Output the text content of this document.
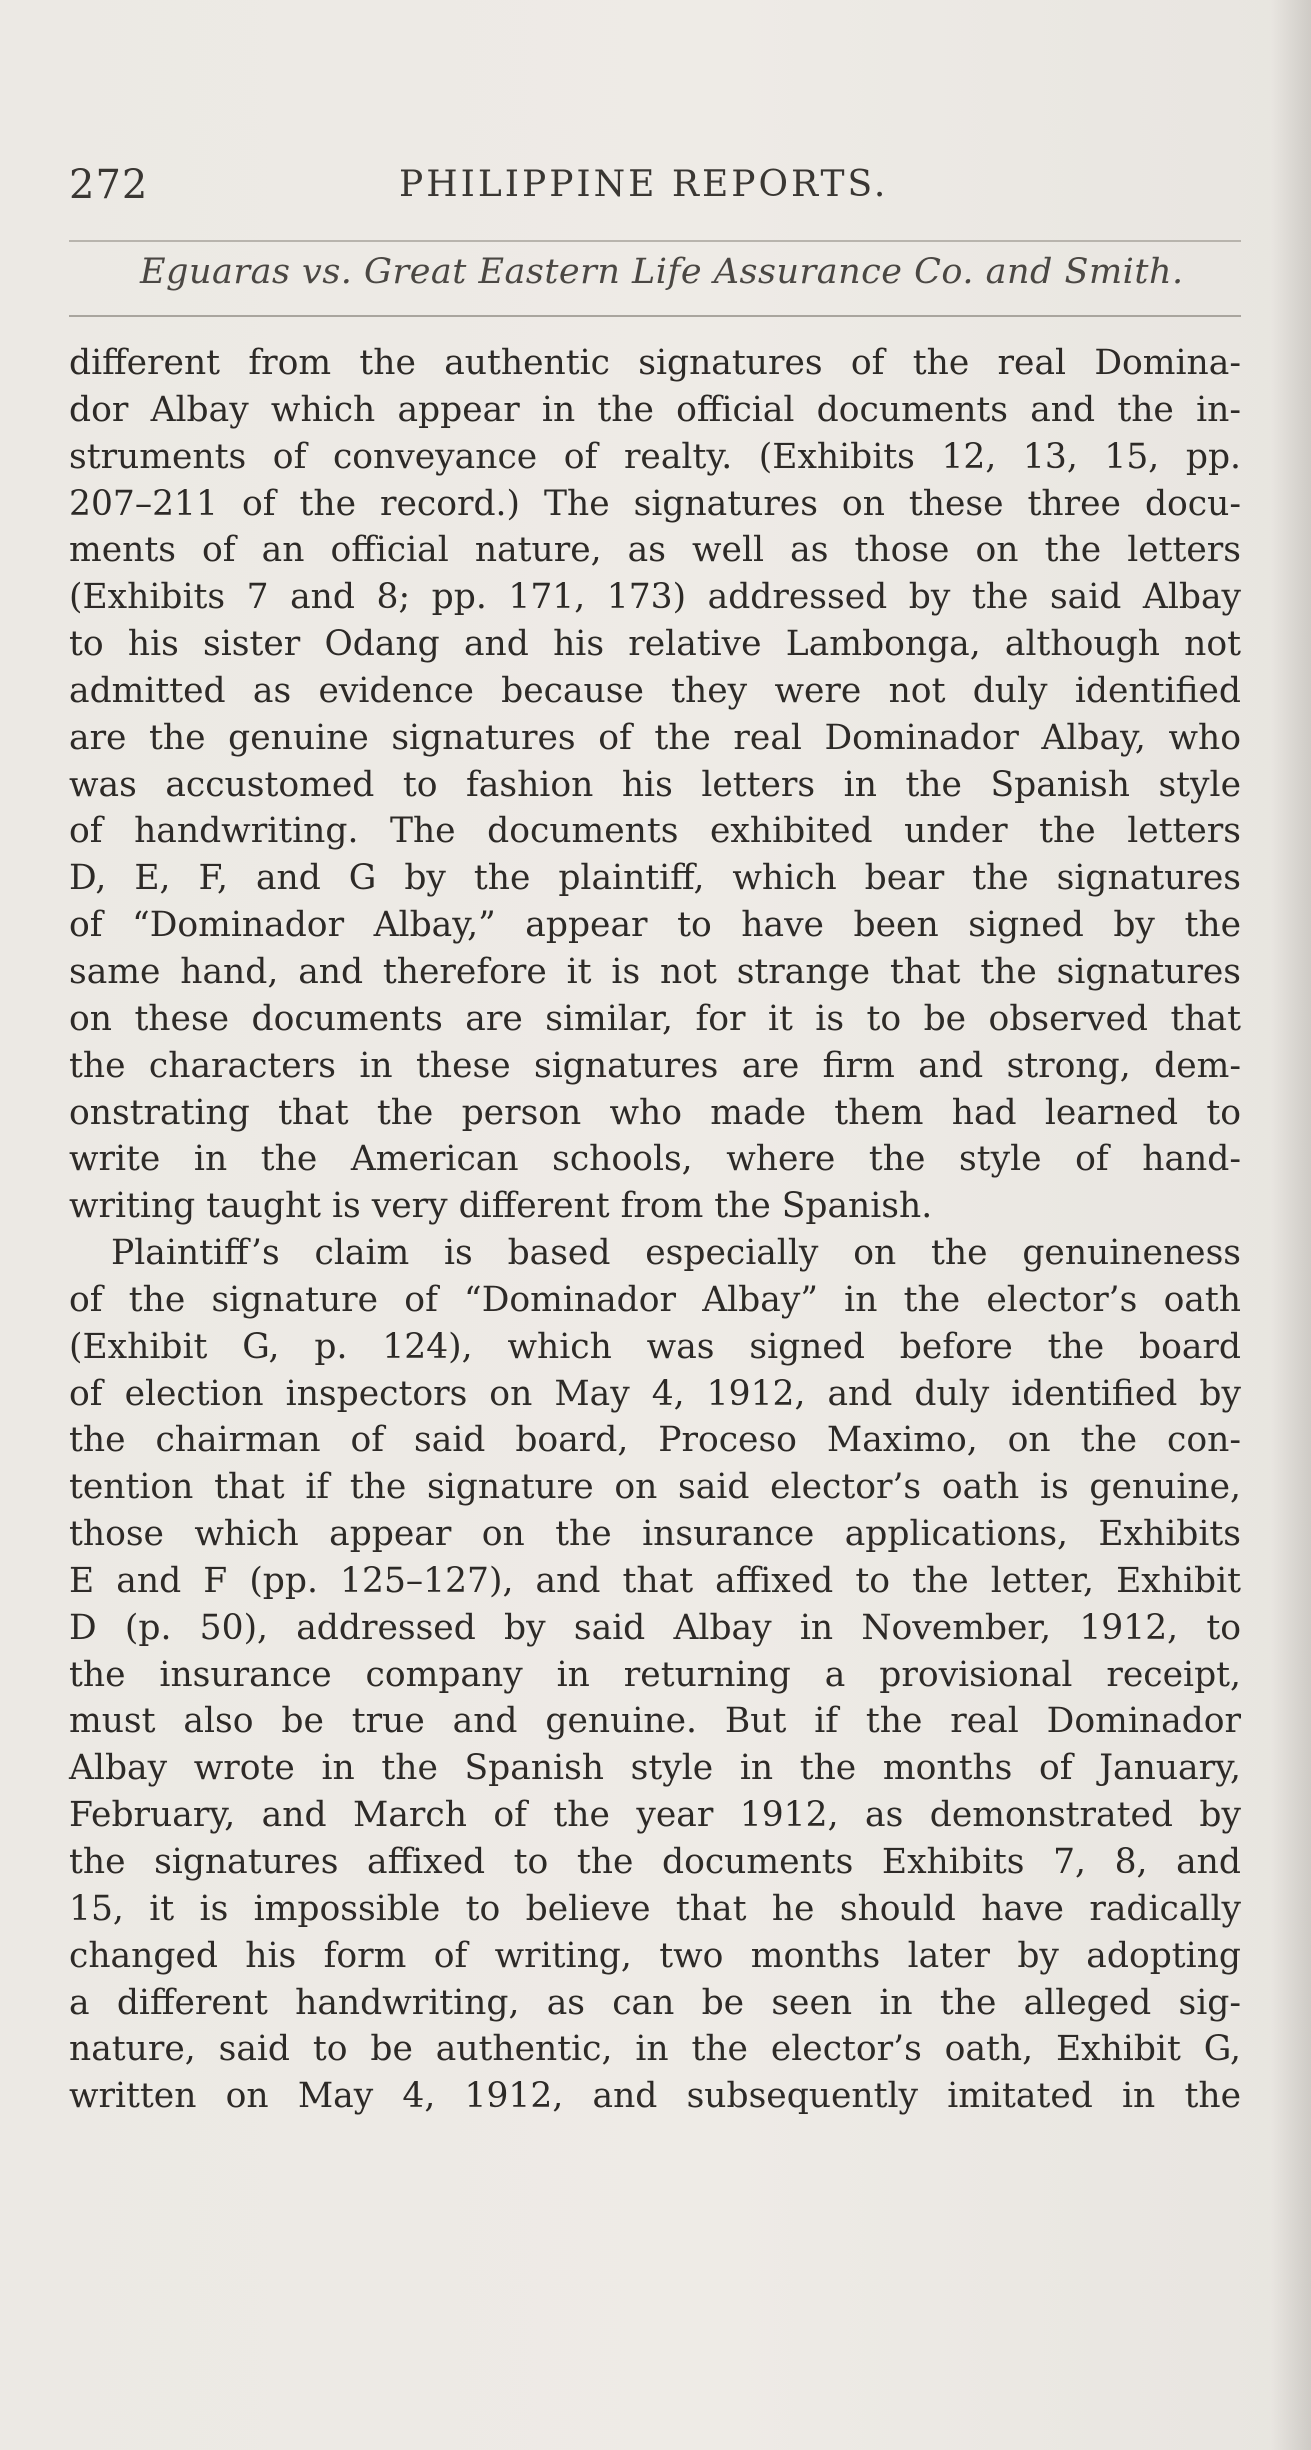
272	PHILIPPINE REPORTS.
Eguaras vs. Great Eastern Life Assurance Co. and Smith.
different from the authentic signatures of the real Domina-
dor Albay which appear in the official documents and the in-
struments of conveyance of realty. (Exhibits 12, 13, 15, pp.
207–211 of the record.) The signatures on these three docu-
ments of an official nature, as well as those on the letters
(Exhibits 7 and 8; pp. 171, 173) addressed by the said Albay
to his sister Odang and his relative Lambonga, although not
admitted as evidence because they were not duly identified
are the genuine signatures of the real Dominador Albay, who
was accustomed to fashion his letters in the Spanish style
of handwriting. The documents exhibited under the letters
D, E, F, and G by the plaintiff, which bear the signatures
of “Dominador Albay,” appear to have been signed by the
same hand, and therefore it is not strange that the signatures
on these documents are similar, for it is to be observed that
the characters in these signatures are firm and strong, dem-
onstrating that the person who made them had learned to
write in the American schools, where the style of hand-
writing taught is very different from the Spanish.
Plaintiff’s claim is based especially on the genuineness
of the signature of “Dominador Albay” in the elector’s oath
(Exhibit G, p. 124), which was signed before the board
of election inspectors on May 4, 1912, and duly identified by
the chairman of said board, Proceso Maximo, on the con-
tention that if the signature on said elector’s oath is genuine,
those which appear on the insurance applications, Exhibits
E and F (pp. 125–127), and that affixed to the letter, Exhibit
D (p. 50), addressed by said Albay in November, 1912, to
the insurance company in returning a provisional receipt,
must also be true and genuine. But if the real Dominador
Albay wrote in the Spanish style in the months of January,
February, and March of the year 1912, as demonstrated by
the signatures affixed to the documents Exhibits 7, 8, and
15, it is impossible to believe that he should have radically
changed his form of writing, two months later by adopting
a different handwriting, as can be seen in the alleged sig-
nature, said to be authentic, in the elector’s oath, Exhibit G,
written on May 4, 1912, and subsequently imitated in the
